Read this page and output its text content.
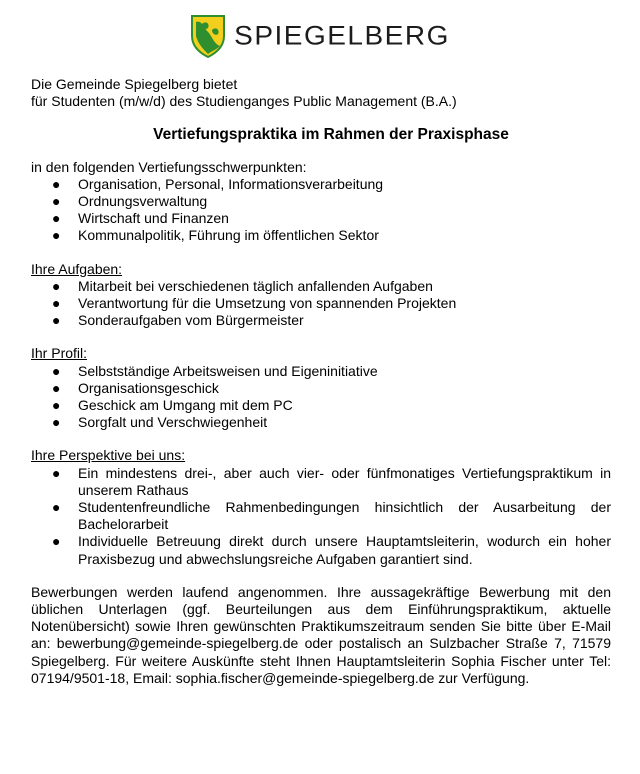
SPIEGELBERG

Die Gemeinde Spiegelberg bietet

für Studenten (m/w/d) des Studienganges Public Management (B.A.)

Vertiefungspraktika im Rahmen der Praxisphase

in den folgenden Vertiefungsschwerpunkten:

● Organisation, Personal, Informationsverarbeitung
● Ordnungsverwaltung
● Wirtschaft und Finanzen
● Kommunalpolitik, Führung im öffentlichen Sektor

Ihre Aufgaben:

● Mitarbeit bei verschiedenen täglich anfallenden Aufgaben
● Verantwortung für die Umsetzung von spannenden Projekten
● Sonderaufgaben vom Bürgermeister

Ihr Profil:

● Selbstständige Arbeitsweisen und Eigeninitiative
● Organisationsgeschick
● Geschick am Umgang mit dem PC
● Sorgfalt und Verschwiegenheit

Ihre Perspektive bei uns:

● Ein mindestens drei-, aber auch vier- oder fünfmonatiges Vertiefungspraktikum in unserem Rathaus
● Studentenfreundliche Rahmenbedingungen hinsichtlich der Ausarbeitung der Bachelorarbeit
● Individuelle Betreuung direkt durch unsere Hauptamtsleiterin, wodurch ein hoher Praxisbezug und abwechslungsreiche Aufgaben garantiert sind.

Bewerbungen werden laufend angenommen. Ihre aussagekräftige Bewerbung mit den üblichen Unterlagen (ggf. Beurteilungen aus dem Einführungspraktikum, aktuelle Notenübersicht) sowie Ihren gewünschten Praktikumszeitraum senden Sie bitte über E-Mail an: bewerbung@gemeinde-spiegelberg.de oder postalisch an Sulzbacher Straße 7, 71579 Spiegelberg. Für weitere Auskünfte steht Ihnen Hauptamtsleiterin Sophia Fischer unter Tel: 07194/9501-18, Email: sophia.fischer@gemeinde-spiegelberg.de zur Verfügung.
